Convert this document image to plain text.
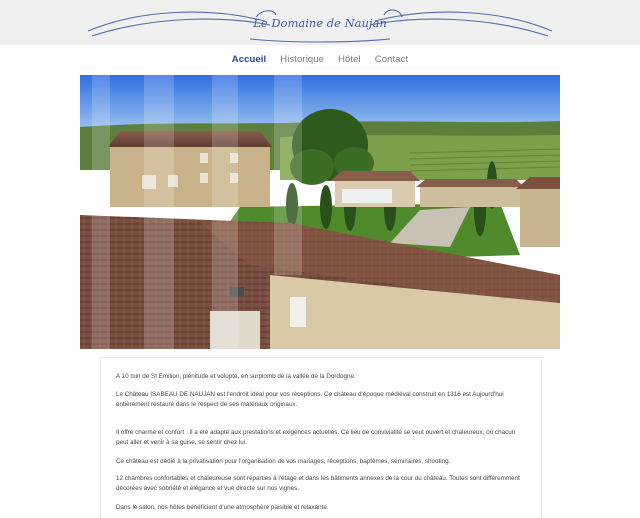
Le Domaine de Naujan
Accueil Historique Hôtel Contact

A 10 min de St Emilion, plénitude et volupté, en surplomb de la vallée de la Dordogne.

Le Château ISABEAU DE NAUJAN est l'endroit idéal pour vos réceptions. Ce château d'époque médiéval construit en 1316 est Aujourd'hui entièrement restauré dans le respect de ses matériaux originaux.

Il offre charme et confort . Il a été adapté aux prestations et exigences actuelles. Ce lieu de convivialité se veut ouvert et chaleureux, où chacun peut aller et venir à sa guise, se sentir chez lui.

Ce château est dédié à la privatisation pour l'organisation de vos mariages, réceptions, baptêmes, séminaires, shooting.

12 chambres confortables et chaleureuse sont réparties à l'étage et dans les bâtiments annexes de la cour du château. Toutes sont différemment décorées avec sobriété et élégance et vue directe sur nos vignes.

Dans le salon, nos hôtes bénéficient d'une atmosphère paisible et relaxante.
